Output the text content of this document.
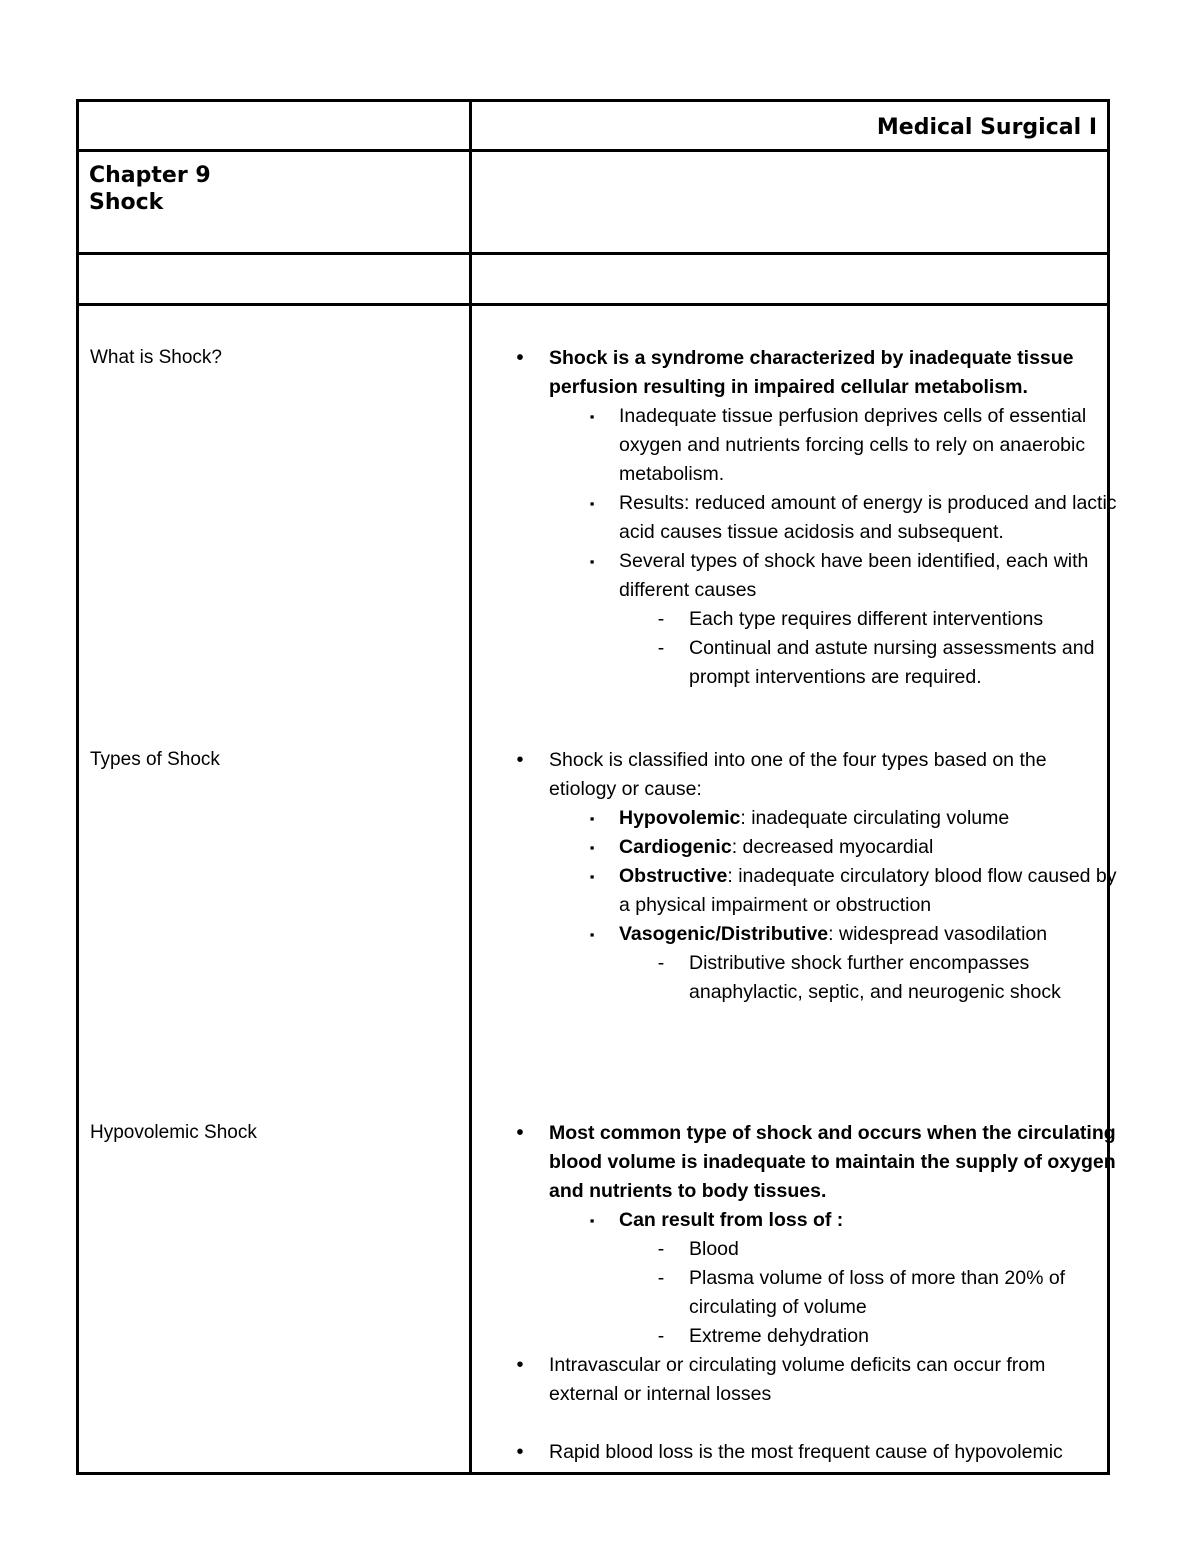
Medical Surgical I
Chapter 9
Shock
What is Shock?	• Shock is a syndrome characterized by inadequate tissue
perfusion resulting in impaired cellular metabolism.
▪ Inadequate tissue perfusion deprives cells of essential
oxygen and nutrients forcing cells to rely on anaerobic
metabolism.
▪ Results: reduced amount of energy is produced and lactic
acid causes tissue acidosis and subsequent.
▪ Several types of shock have been identified, each with
different causes
- Each type requires different interventions
- Continual and astute nursing assessments and
prompt interventions are required.
Types of Shock	• Shock is classified into one of the four types based on the
etiology or cause:
▪ Hypovolemic: inadequate circulating volume
▪ Cardiogenic: decreased myocardial
▪ Obstructive: inadequate circulatory blood flow caused by
a physical impairment or obstruction
▪ Vasogenic/Distributive: widespread vasodilation
- Distributive shock further encompasses
anaphylactic, septic, and neurogenic shock
Hypovolemic Shock	• Most common type of shock and occurs when the circulating
blood volume is inadequate to maintain the supply of oxygen
and nutrients to body tissues.
▪ Can result from loss of :
- Blood
- Plasma volume of loss of more than 20% of
circulating of volume
- Extreme dehydration
• Intravascular or circulating volume deficits can occur from
external or internal losses
• Rapid blood loss is the most frequent cause of hypovolemic
